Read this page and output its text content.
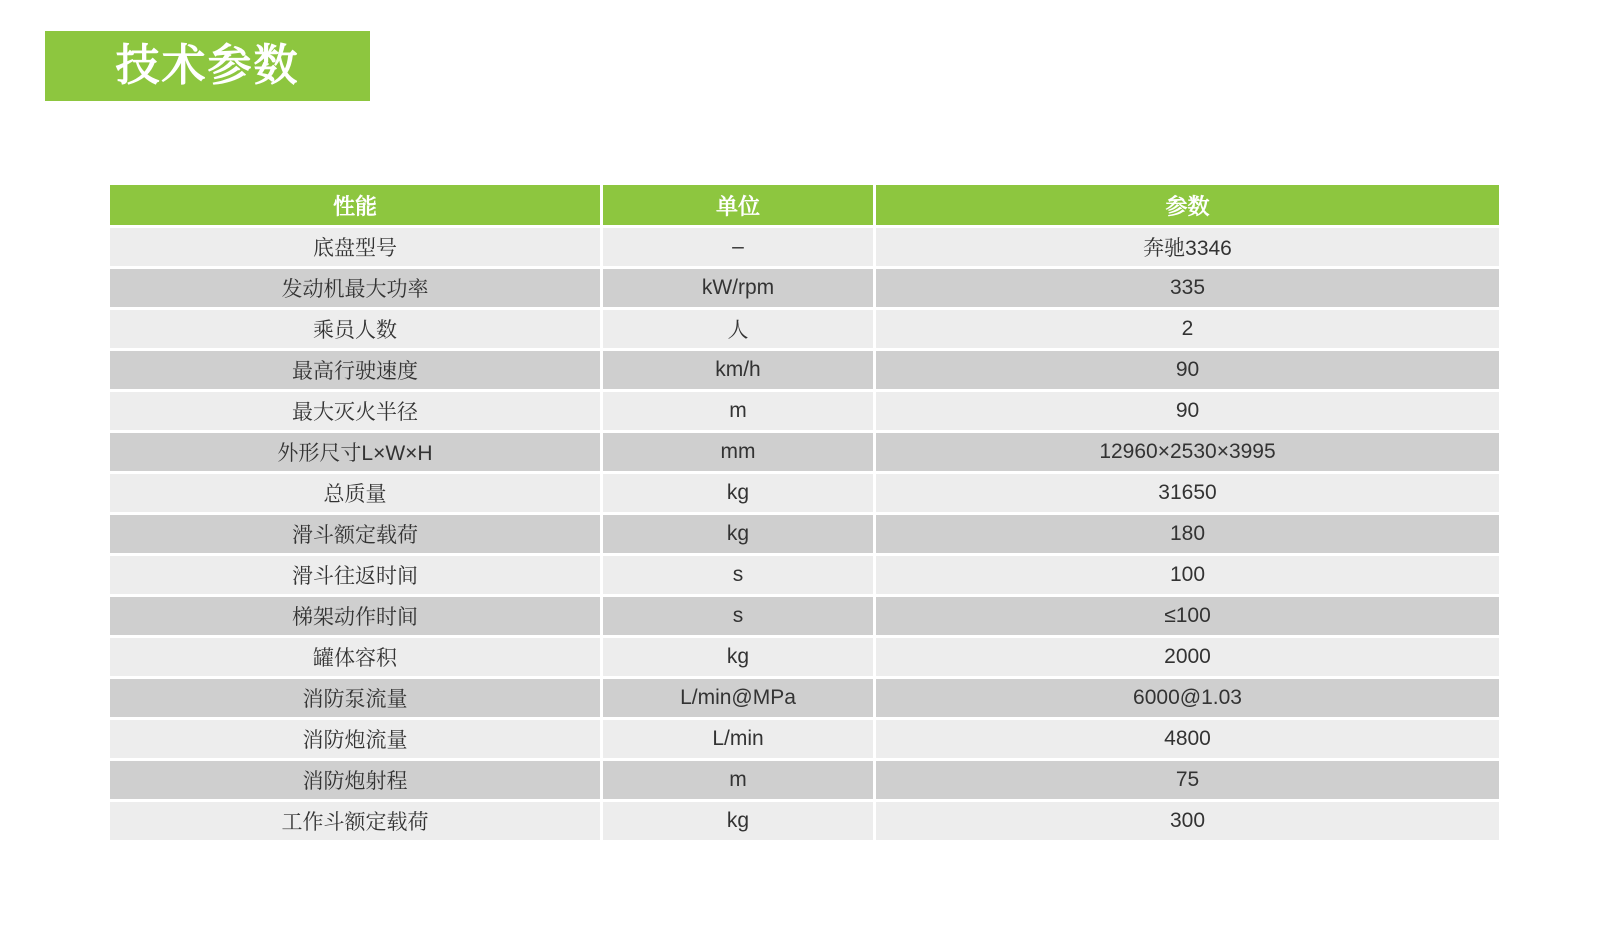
技术参数
性能	单位	参数
底盘型号	–	奔驰3346
发动机最大功率	kW/rpm	335
乘员人数	人	2
最高行驶速度	km/h	90
最大灭火半径	m	90
外形尺寸L×W×H	mm	12960×2530×3995
总质量	kg	31650
滑斗额定载荷	kg	180
滑斗往返时间	s	100
梯架动作时间	s	≤100
罐体容积	kg	2000
消防泵流量	L/min@MPa	6000@1.03
消防炮流量	L/min	4800
消防炮射程	m	75
工作斗额定载荷	kg	300
